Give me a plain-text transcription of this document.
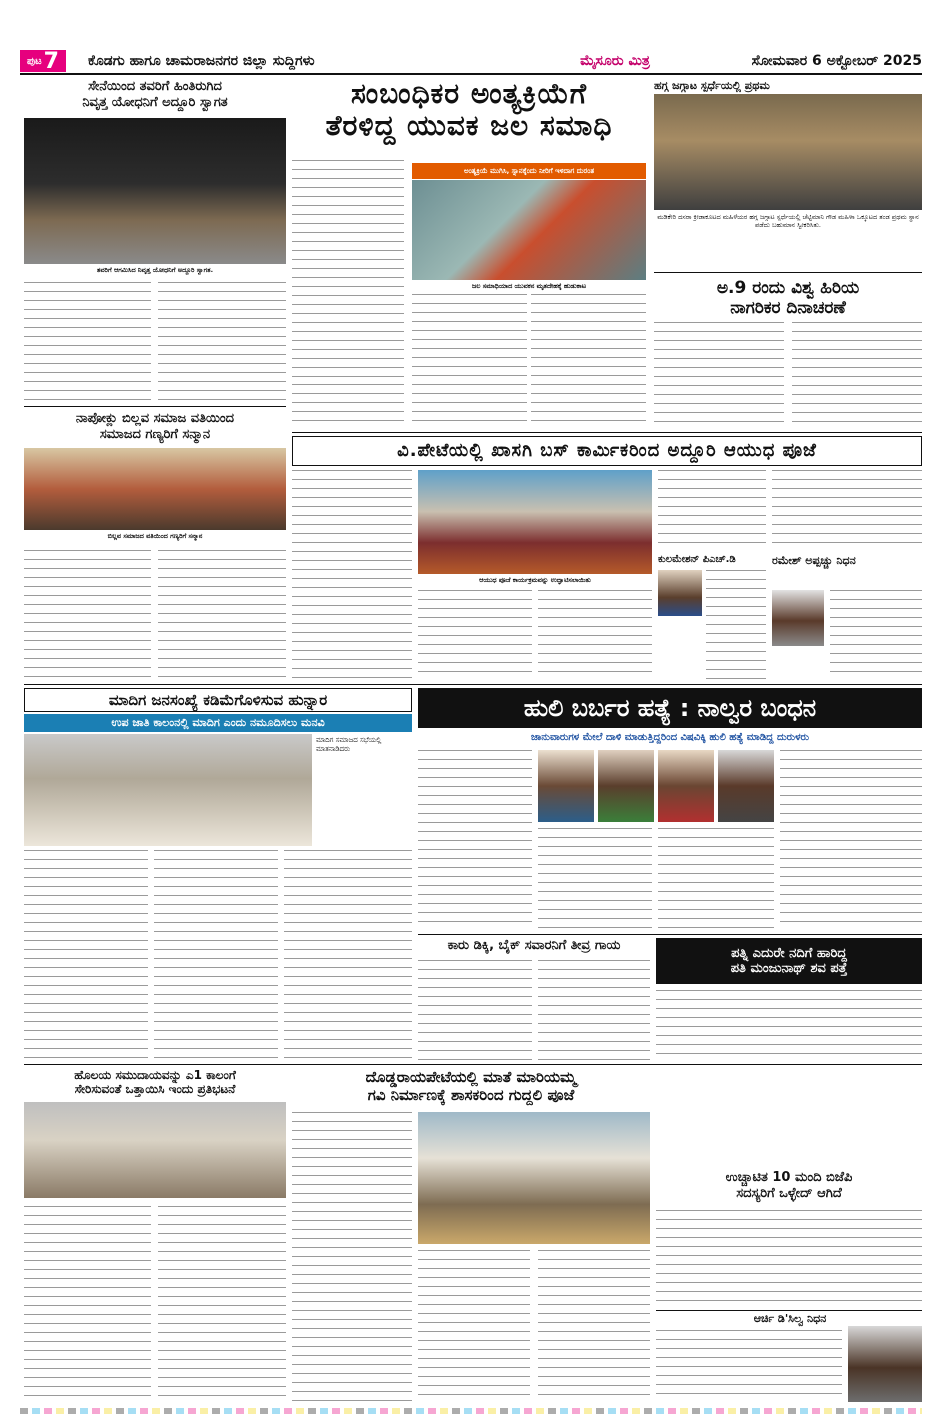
ಪುಟ 7 ಕೊಡಗು ಹಾಗೂ ಚಾಮರಾಜನಗರ ಜಿಲ್ಲಾ ಸುದ್ದಿಗಳು	ಮೈಸೂರು ಮಿತ್ರ	ಸೋಮವಾರ 6 ಅಕ್ಟೋಬರ್ 2025
ಸೇನೆಯಿಂದ ತವರಿಗೆ ಹಿಂತಿರುಗಿದ
ನಿವೃತ್ತ ಯೋಧನಿಗೆ ಅದ್ದೂರಿ ಸ್ವಾಗತ
ತವರಿಗೆ ಆಗಮಿಸಿದ ನಿವೃತ್ತ ಯೋಧನಿಗೆ ಅದ್ದೂರಿ ಸ್ವಾಗತ.
ಸಂಬಂಧಿಕರ ಅಂತ್ಯಕ್ರಿಯೆಗೆ
ತೆರಳಿದ್ದ ಯುವಕ ಜಲ ಸಮಾಧಿ
ಅಂತ್ಯಕ್ರಿಯೆ ಮುಗಿಸಿ, ಸ್ನಾನಕ್ಕೆಂದು ನೀರಿಗೆ ಇಳಿದಾಗ ದುರಂತ
ಜಲ ಸಮಾಧಿಯಾದ ಯುವಕನ ಮೃತದೇಹಕ್ಕೆ ಹುಡುಕಾಟ
ಹಗ್ಗ ಜಗ್ಗಾಟ ಸ್ಪರ್ಧೆಯಲ್ಲಿ ಪ್ರಥಮ
ಮಡಿಕೇರಿ ದಸರಾ ಕ್ರೀಡಾಕೂಟದ ಮಹಿಳೆಯರ ಹಗ್ಗ ಜಗ್ಗಾಟ ಸ್ಪರ್ಧೆಯಲ್ಲಿ ಚೆಟ್ಟಿಮಾನಿ ಗೌಡ ಮಹಿಳಾ ಒಕ್ಕೂಟದ ತಂಡ ಪ್ರಥಮ ಸ್ಥಾನ ಪಡೆದು ಬಹುಮಾನ ಸ್ವೀಕರಿಸಿತು.
ಅ.9 ರಂದು ವಿಶ್ವ ಹಿರಿಯ
ನಾಗರಿಕರ ದಿನಾಚರಣೆ
ನಾಪೋಕ್ಲು ಬಿಲ್ಲವ ಸಮಾಜ ವತಿಯಿಂದ
ಸಮಾಜದ ಗಣ್ಯರಿಗೆ ಸನ್ಮಾನ
ಬಿಲ್ಲವ ಸಮಾಜದ ವತಿಯಿಂದ ಗಣ್ಯರಿಗೆ ಸನ್ಮಾನ
ವಿ.ಪೇಟೆಯಲ್ಲಿ ಖಾಸಗಿ ಬಸ್ ಕಾರ್ಮಿಕರಿಂದ ಅದ್ದೂರಿ ಆಯುಧ ಪೂಜೆ
ಆಯುಧ ಪೂಜೆ ಕಾರ್ಯಕ್ರಮವನ್ನು ಉದ್ಘಾಟಿಸಲಾಯಿತು
ಕುಲಮೇಶನ್ ಪಿಎಚ್.ಡಿ	ರಮೇಶ್ ಅಪ್ಪಚ್ಚು ನಿಧನ
ಮಾದಿಗ ಜನಸಂಖ್ಯೆ ಕಡಿಮೆಗೊಳಿಸುವ ಹುನ್ನಾರ
ಉಪ ಜಾತಿ ಕಾಲಂನಲ್ಲಿ ಮಾದಿಗ ಎಂದು ನಮೂದಿಸಲು ಮನವಿ
ಮಾದಿಗ ಸಮಾಜದ ಸಭೆಯಲ್ಲಿ ಮಾತನಾಡಿದರು
ಹುಲಿ ಬರ್ಬರ ಹತ್ಯೆ : ನಾಲ್ವರ ಬಂಧನ
ಜಾನುವಾರುಗಳ ಮೇಲೆ ದಾಳಿ ಮಾಡುತ್ತಿದ್ದರಿಂದ ವಿಷವಿಕ್ಕಿ ಹುಲಿ ಹತ್ಯೆ ಮಾಡಿದ್ದ ದುರುಳರು
ಕಾರು ಡಿಕ್ಕಿ, ಬೈಕ್ ಸವಾರನಿಗೆ ತೀವ್ರ ಗಾಯ
ಪತ್ನಿ ಎದುರೇ ನದಿಗೆ ಹಾರಿದ್ದ
ಪತಿ ಮಂಜುನಾಥ್ ಶವ ಪತ್ತೆ
ಹೊಲಯ ಸಮುದಾಯವನ್ನು ಎ1 ಕಾಲಂಗೆ
ಸೇರಿಸುವಂತೆ ಒತ್ತಾಯಿಸಿ ಇಂದು ಪ್ರತಿಭಟನೆ
ದೊಡ್ಡರಾಯಪೇಟೆಯಲ್ಲಿ ಮಾತೆ ಮಾರಿಯಮ್ಮ
ಗವಿ ನಿರ್ಮಾಣಕ್ಕೆ ಶಾಸಕರಿಂದ ಗುದ್ದಲಿ ಪೂಜೆ
ಉಚ್ಚಾಟಿತ 10 ಮಂದಿ ಬಿಜೆಪಿ
ಸದಸ್ಯರಿಗೆ ಒಳ್ಳೇದ್ ಆಗಿದೆ
ಆರ್ಚಿ ಡಿ'ಸಿಲ್ವ ನಿಧನ
